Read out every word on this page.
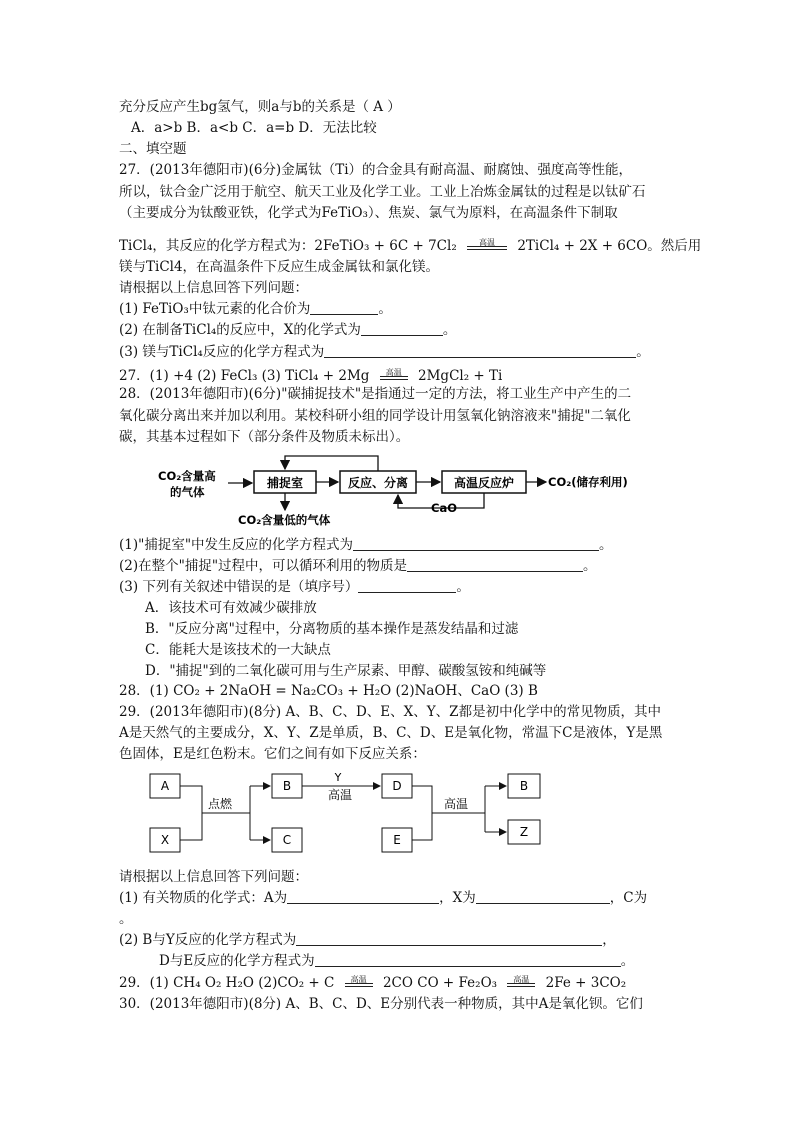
充分反应产生bg氢气，则a与b的关系是（ A ）
A．a>b B．a<b C．a=b D．无法比较
二、填空题
27．(2013年德阳市)(6分)金属钛（Ti）的合金具有耐高温、耐腐蚀、强度高等性能，
所以，钛合金广泛用于航空、航天工业及化学工业。工业上冶炼金属钛的过程是以钛矿石
（主要成分为钛酸亚铁，化学式为FeTiO₃）、焦炭、氯气为原料，在高温条件下制取
TiCl₄，其反应的化学方程式为：2FeTiO₃ + 6C + 7Cl₂	高温	2TiCl₄ + 2X + 6CO。然后用
镁与TiCl4，在高温条件下反应生成金属钛和氯化镁。
请根据以上信息回答下列问题：
(1) FeTiO₃中钛元素的化合价为	。
(2) 在制备TiCl₄的反应中，X的化学式为	。
(3) 镁与TiCl₄反应的化学方程式为	。
27．(1) +4 (2) FeCl₃ (3) TiCl₄ + 2Mg	高温	2MgCl₂ + Ti
28．(2013年德阳市)(6分)"碳捕捉技术"是指通过一定的方法，将工业生产中产生的二
氧化碳分离出来并加以利用。某校科研小组的同学设计用氢氧化钠溶液来"捕捉"二氧化
碳，其基本过程如下（部分条件及物质未标出）。
CO₂含量高
的气体
捕捉室	反应、分离	高温反应炉	CO₂(储存利用)
CaO
CO₂含量低的气体
(1)"捕捉室"中发生反应的化学方程式为	。
(2)在整个"捕捉"过程中，可以循环利用的物质是	。
(3) 下列有关叙述中错误的是（填序号）	。
A．该技术可有效减少碳排放
B．"反应分离"过程中，分离物质的基本操作是蒸发结晶和过滤
C．能耗大是该技术的一大缺点
D．"捕捉"到的二氧化碳可用与生产尿素、甲醇、碳酸氢铵和纯碱等
28．(1) CO₂ + 2NaOH = Na₂CO₃ + H₂O (2)NaOH、CaO (3) B
29．(2013年德阳市)(8分) A、B、C、D、E、X、Y、Z都是初中化学中的常见物质，其中
A是天然气的主要成分，X、Y、Z是单质，B、C、D、E是氧化物，常温下C是液体，Y是黑
色固体，E是红色粉末。它们之间有如下反应关系：
A
X
点燃
B
C
Y
高温
D
E
高温
B
Z
请根据以上信息回答下列问题：
(1) 有关物质的化学式：A为	，X为	，C为
。
(2) B与Y反应的化学方程式为	，
D与E反应的化学方程式为	。
29．(1) CH₄ O₂ H₂O (2)CO₂ + C	高温	2CO CO + Fe₂O₃	高温	2Fe + 3CO₂
30．(2013年德阳市)(8分) A、B、C、D、E分别代表一种物质，其中A是氧化钡。它们
